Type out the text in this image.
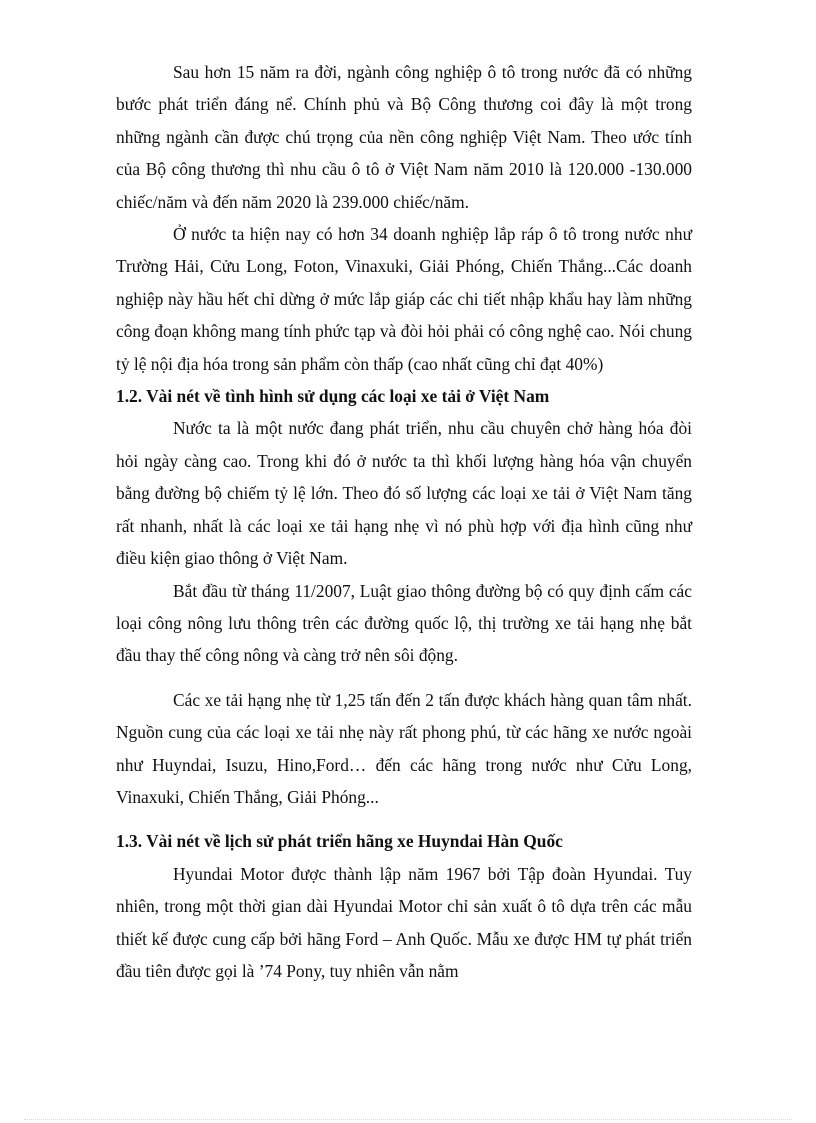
Sau hơn 15 năm ra đời, ngành công nghiệp ô tô trong nước đã có những bước phát triển đáng nể. Chính phủ và Bộ Công thương coi đây là một trong những ngành cần được chú trọng của nền công nghiệp Việt Nam. Theo ước tính của Bộ công thương thì nhu cầu ô tô ở Việt Nam năm 2010 là 120.000 -130.000 chiếc/năm và đến năm 2020 là 239.000 chiếc/năm.

Ở nước ta hiện nay có hơn 34 doanh nghiệp lắp ráp ô tô trong nước như Trường Hải, Cửu Long, Foton, Vinaxuki, Giải Phóng, Chiến Thắng...Các doanh nghiệp này hầu hết chỉ dừng ở mức lắp giáp các chi tiết nhập khẩu hay làm những công đoạn không mang tính phức tạp và đòi hỏi phải có công nghệ cao. Nói chung tỷ lệ nội địa hóa trong sản phẩm còn thấp (cao nhất cũng chỉ đạt 40%)

1.2. Vài nét về tình hình sử dụng các loại xe tải ở Việt Nam

Nước ta là một nước đang phát triển, nhu cầu chuyên chở hàng hóa đòi hỏi ngày càng cao. Trong khi đó ở nước ta thì khối lượng hàng hóa vận chuyển bằng đường bộ chiếm tỷ lệ lớn. Theo đó số lượng các loại xe tải ở Việt Nam tăng rất nhanh, nhất là các loại xe tải hạng nhẹ vì nó phù hợp với địa hình cũng như điều kiện giao thông ở Việt Nam.

Bắt đầu từ tháng 11/2007, Luật giao thông đường bộ có quy định cấm các loại công nông lưu thông trên các đường quốc lộ, thị trường xe tải hạng nhẹ bắt đầu thay thế công nông và càng trở nên sôi động.

Các xe tải hạng nhẹ từ 1,25 tấn đến 2 tấn được khách hàng quan tâm nhất. Nguồn cung của các loại xe tải nhẹ này rất phong phú, từ các hãng xe nước ngoài như Huyndai, Isuzu, Hino,Ford… đến các hãng trong nước như Cửu Long, Vinaxuki, Chiến Thắng, Giải Phóng...

1.3. Vài nét về lịch sử phát triển hãng xe Huyndai Hàn Quốc

Hyundai Motor được thành lập năm 1967 bởi Tập đoàn Hyundai. Tuy nhiên, trong một thời gian dài Hyundai Motor chỉ sản xuất ô tô dựa trên các mẫu thiết kế được cung cấp bởi hãng Ford – Anh Quốc. Mẫu xe được HM tự phát triển đầu tiên được gọi là ’74 Pony, tuy nhiên vẫn nằm
